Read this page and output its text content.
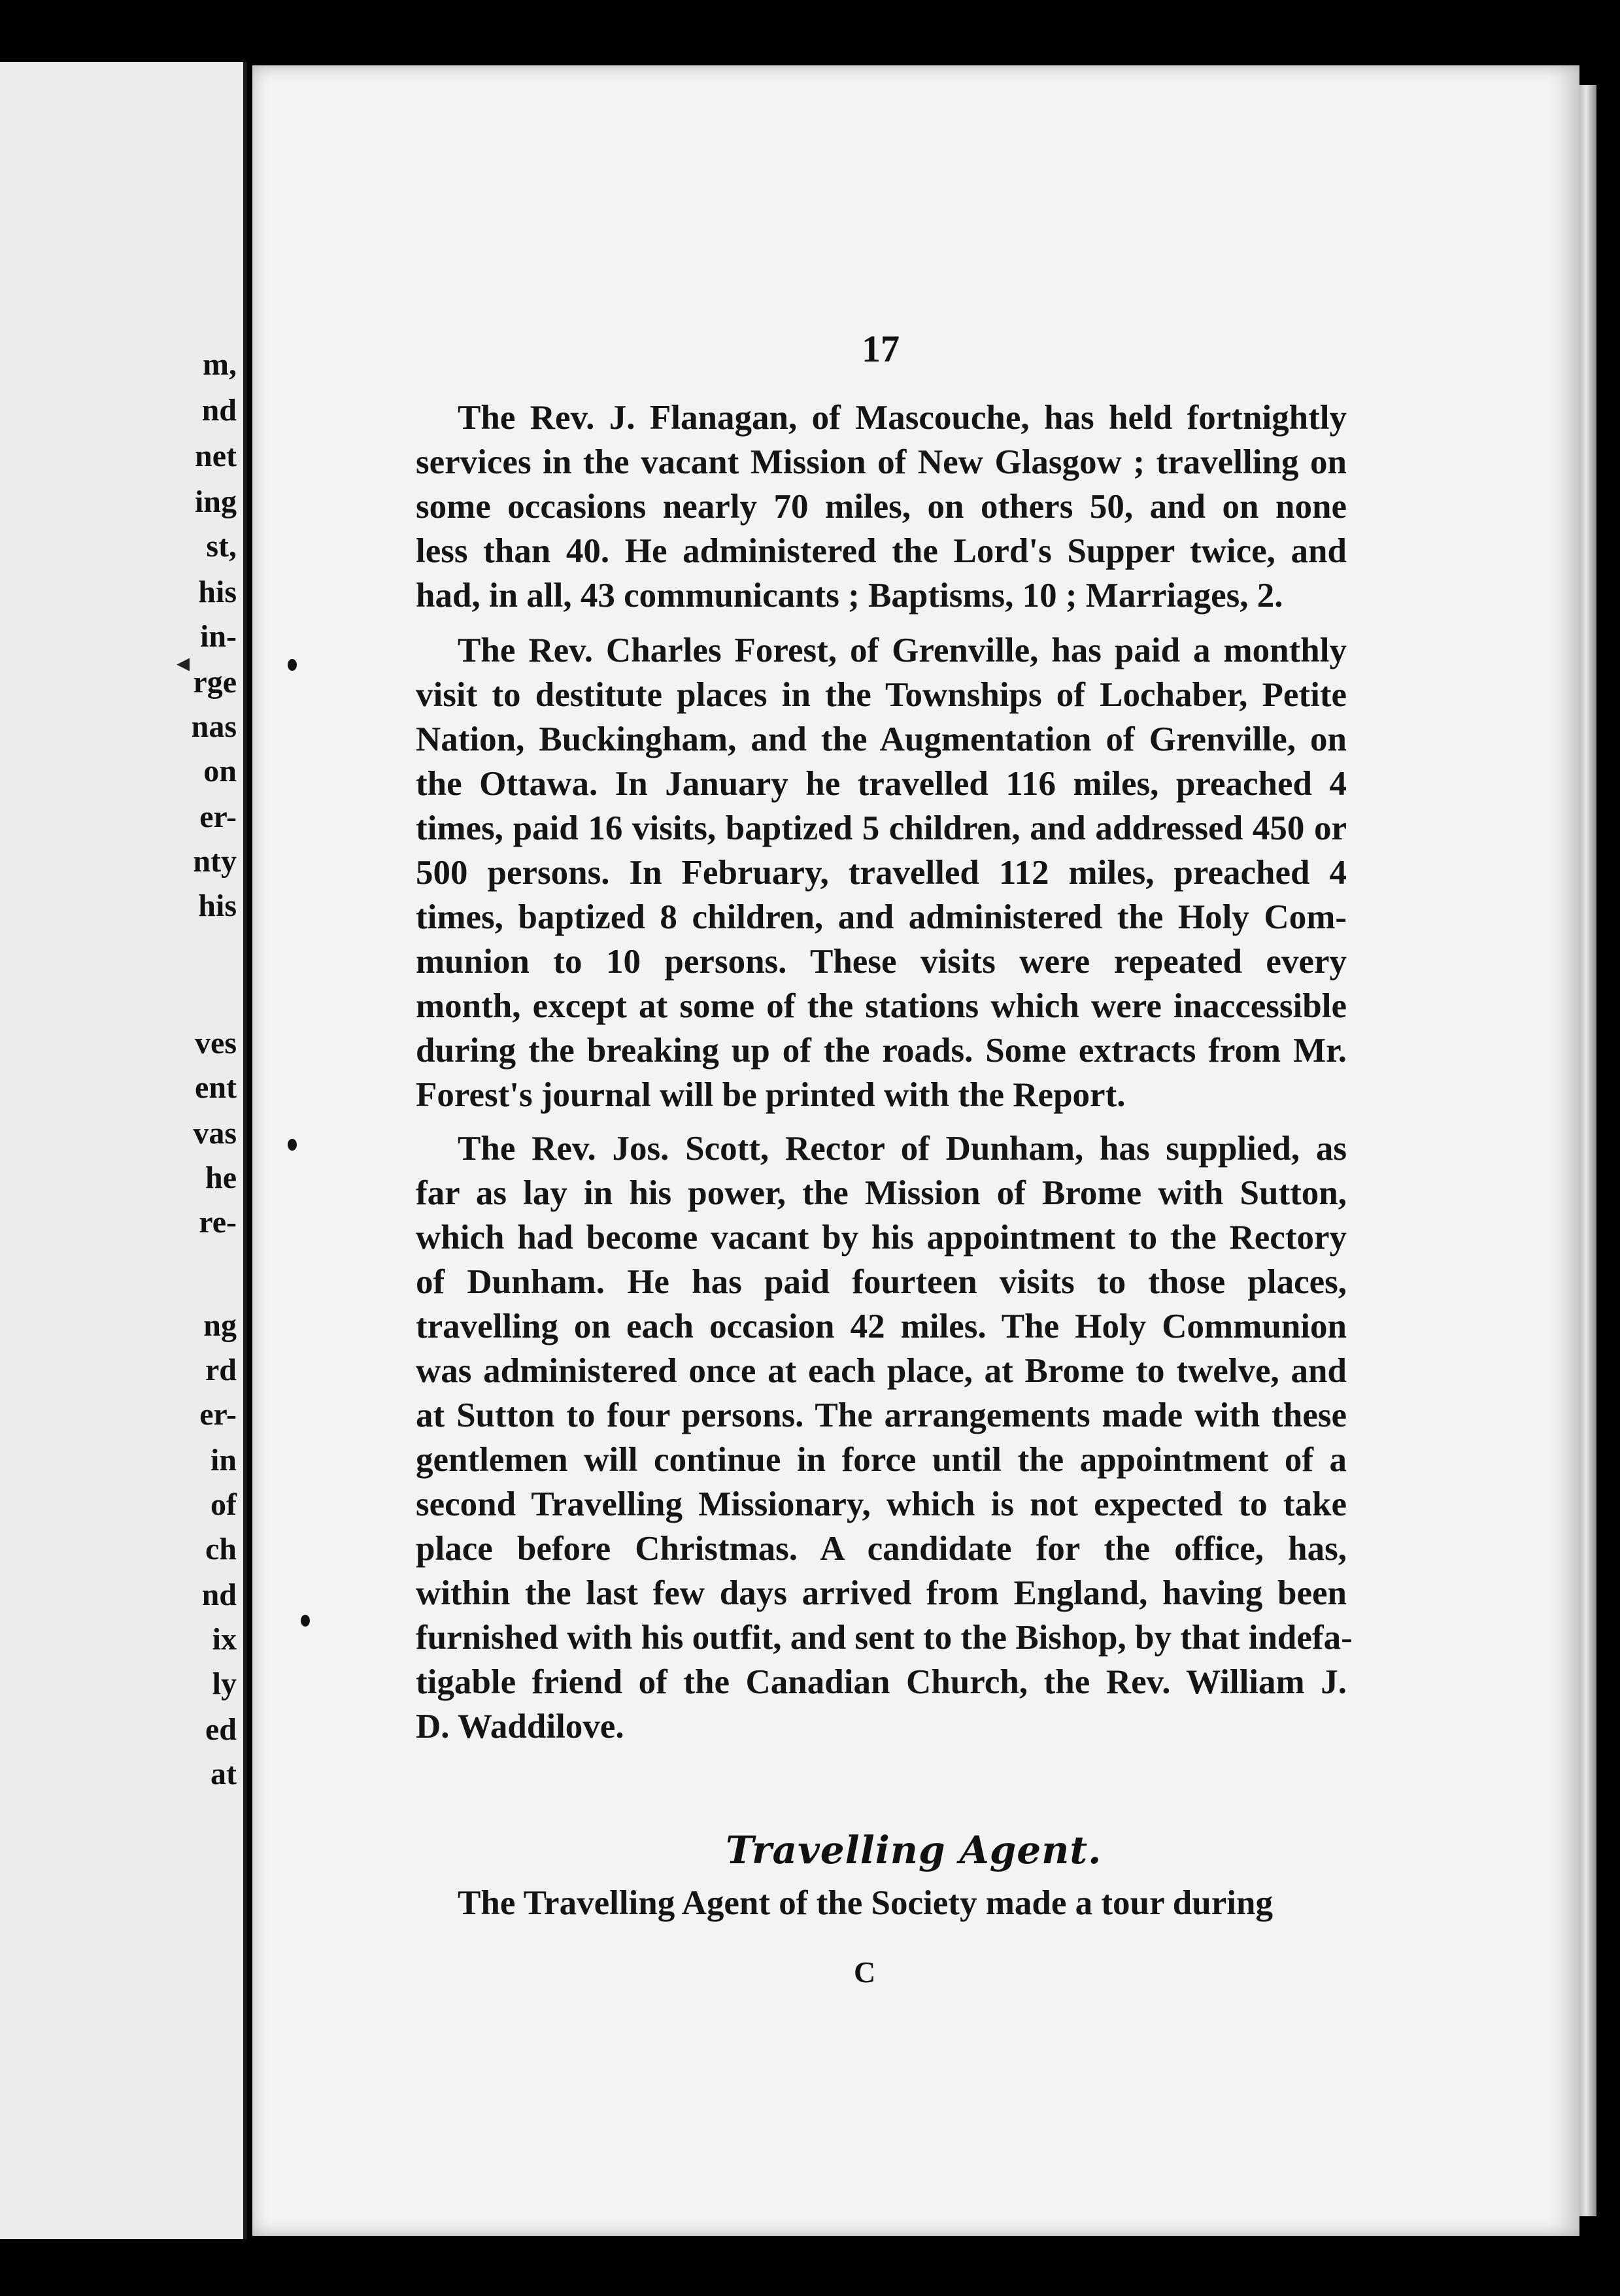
m,
nd
net
ing
st,
his
in-
rge
nas
on
er-
nty
his
ves
ent
vas
he
re-
ng
rd
er-
in
of
ch
nd
ix
ly
ed
at
17
The Rev. J. Flanagan, of Mascouche, has held fortnightly
services in the vacant Mission of New Glasgow ; travelling on
some occasions nearly 70 miles, on others 50, and on none
less than 40. He administered the Lord's Supper twice, and
had, in all, 43 communicants ; Baptisms, 10 ; Marriages, 2.
The Rev. Charles Forest, of Grenville, has paid a monthly
visit to destitute places in the Townships of Lochaber, Petite
Nation, Buckingham, and the Augmentation of Grenville, on
the Ottawa. In January he travelled 116 miles, preached 4
times, paid 16 visits, baptized 5 children, and addressed 450 or
500 persons. In February, travelled 112 miles, preached 4
times, baptized 8 children, and administered the Holy Com-
munion to 10 persons. These visits were repeated every
month, except at some of the stations which were inaccessible
during the breaking up of the roads. Some extracts from Mr.
Forest's journal will be printed with the Report.
The Rev. Jos. Scott, Rector of Dunham, has supplied, as
far as lay in his power, the Mission of Brome with Sutton,
which had become vacant by his appointment to the Rectory
of Dunham. He has paid fourteen visits to those places,
travelling on each occasion 42 miles. The Holy Communion
was administered once at each place, at Brome to twelve, and
at Sutton to four persons. The arrangements made with these
gentlemen will continue in force until the appointment of a
second Travelling Missionary, which is not expected to take
place before Christmas. A candidate for the office, has,
within the last few days arrived from England, having been
furnished with his outfit, and sent to the Bishop, by that indefa-
tigable friend of the Canadian Church, the Rev. William J.
D. Waddilove.
The Travelling Agent of the Society made a tour during
Travelling Agent.
C
◂
